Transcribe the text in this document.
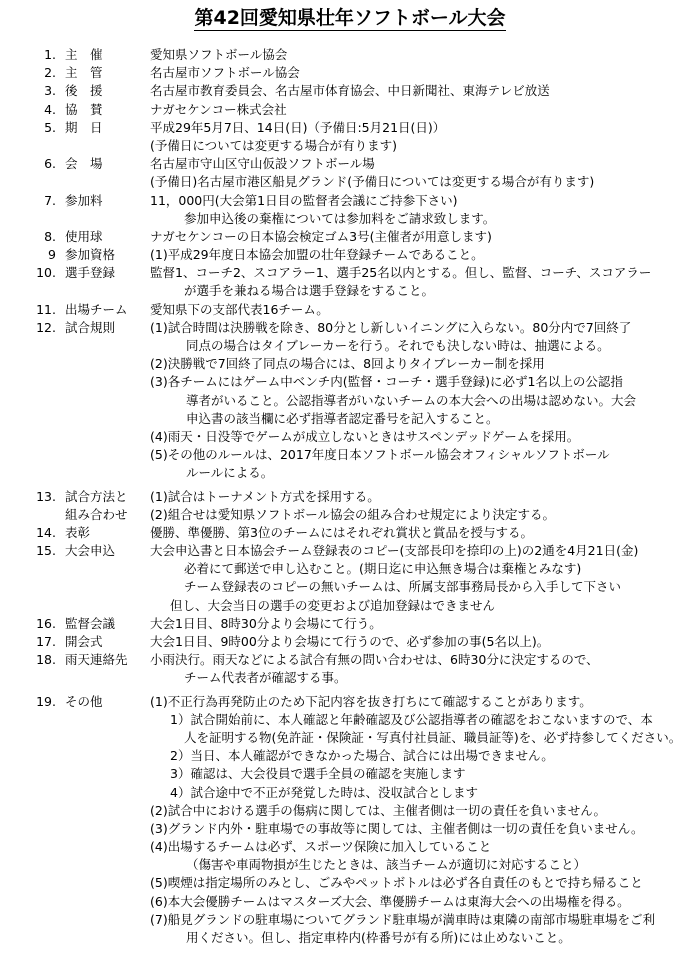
第42回愛知県壮年ソフトボール大会
1. 主　催	愛知県ソフトボール協会
2. 主　管	名古屋市ソフトボール協会
3. 後　援	名古屋市教育委員会、名古屋市体育協会、中日新聞社、東海テレビ放送
4. 協　賛	ナガセケンコー株式会社
5. 期　日	平成29年5月7日、14日(日)（予備日:5月21日(日)）
(予備日については変更する場合が有ります)
6. 会　場	名古屋市守山区守山仮設ソフトボール場
(予備日)名古屋市港区船見グランド(予備日については変更する場合が有ります)
7. 参加料	11，000円(大会第1日目の監督者会議にご持参下さい)
参加申込後の棄権については参加料をご請求致します。
8. 使用球	ナガセケンコーの日本協会検定ゴム3号(主催者が用意します)
9 参加資格	(1)平成29年度日本協会加盟の壮年登録チームであること。
10. 選手登録	監督1、コーチ2、スコアラー1、選手25名以内とする。但し、監督、コーチ、スコアラー
が選手を兼ねる場合は選手登録をすること。
11. 出場チーム 愛知県下の支部代表16チーム。
12. 試合規則	(1)試合時間は決勝戦を除き、80分とし新しいイニングに入らない。80分内で7回終了
同点の場合はタイブレーカーを行う。それでも決しない時は、抽選による。
(2)決勝戦で7回終了同点の場合には、8回よりタイブレーカー制を採用
(3)各チームにはゲーム中ベンチ内(監督・コーチ・選手登録)に必ず1名以上の公認指
導者がいること。公認指導者がいないチームの本大会への出場は認めない。大会
申込書の該当欄に必ず指導者認定番号を記入すること。
(4)雨天・日没等でゲームが成立しないときはサスペンデッドゲームを採用。
(5)その他のルールは、2017年度日本ソフトボール協会オフィシャルソフトボール
ルールによる。
13. 試合方法と (1)試合はトーナメント方式を採用する。
組み合わせ (2)組合せは愛知県ソフトボール協会の組み合わせ規定により決定する。
14. 表彰	優勝、準優勝、第3位のチームにはそれぞれ賞状と賞品を授与する。
15. 大会申込	大会申込書と日本協会チーム登録表のコピー(支部長印を捺印の上)の2通を4月21日(金)
必着にて郵送で申し込むこと。(期日迄に申込無き場合は棄権とみなす)
チーム登録表のコピーの無いチームは、所属支部事務局長から入手して下さい
但し、大会当日の選手の変更および追加登録はできません
16. 監督会議	大会1日目、8時30分より会場にて行う。
17. 開会式	大会1日目、9時00分より会場にて行うので、必ず参加の事(5名以上)。
18. 雨天連絡先 小雨決行。雨天などによる試合有無の問い合わせは、6時30分に決定するので、
チーム代表者が確認する事。
19. その他	(1)不正行為再発防止のため下記内容を抜き打ちにて確認することがあります。
1）試合開始前に、本人確認と年齢確認及び公認指導者の確認をおこないますので、本
人を証明する物(免許証・保険証・写真付社員証、職員証等)を、必ず持参してください。
2）当日、本人確認ができなかった場合、試合には出場できません。
3）確認は、大会役員で選手全員の確認を実施します
4）試合途中で不正が発覚した時は、没収試合とします
(2)試合中における選手の傷病に関しては、主催者側は一切の責任を負いません。
(3)グランド内外・駐車場での事故等に関しては、主催者側は一切の責任を負いません。
(4)出場するチームは必ず、スポーツ保険に加入していること
（傷害や車両物損が生じたときは、該当チームが適切に対応すること）
(5)喫煙は指定場所のみとし、ごみやペットボトルは必ず各自責任のもとで持ち帰ること
(6)本大会優勝チームはマスターズ大会、準優勝チームは東海大会への出場権を得る。
(7)船見グランドの駐車場についてグランド駐車場が満車時は東隣の南部市場駐車場をご利
用ください。但し、指定車枠内(枠番号が有る所)には止めないこと。
